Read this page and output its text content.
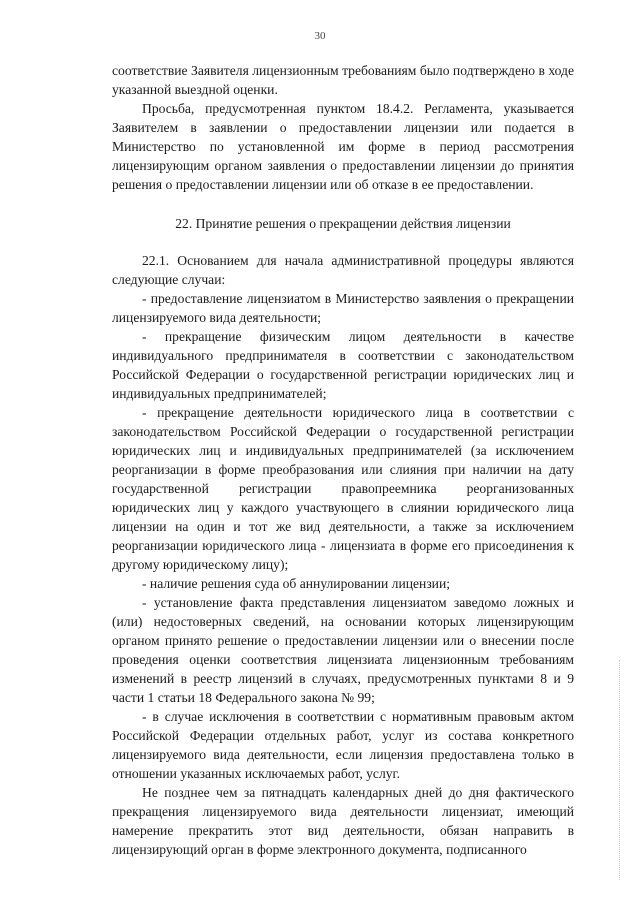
30

соответствие Заявителя лицензионным требованиям было подтверждено в ходе указанной выездной оценки.

Просьба, предусмотренная пунктом 18.4.2. Регламента, указывается Заявителем в заявлении о предоставлении лицензии или подается в Министерство по установленной им форме в период рассмотрения лицензирующим органом заявления о предоставлении лицензии до принятия решения о предоставлении лицензии или об отказе в ее предоставлении.

22. Принятие решения о прекращении действия лицензии

22.1. Основанием для начала административной процедуры являются следующие случаи:

- предоставление лицензиатом в Министерство заявления о прекращении лицензируемого вида деятельности;

- прекращение физическим лицом деятельности в качестве индивидуального предпринимателя в соответствии с законодательством Российской Федерации о государственной регистрации юридических лиц и индивидуальных предпринимателей;

- прекращение деятельности юридического лица в соответствии с законодательством Российской Федерации о государственной регистрации юридических лиц и индивидуальных предпринимателей (за исключением реорганизации в форме преобразования или слияния при наличии на дату государственной регистрации правопреемника реорганизованных юридических лиц у каждого участвующего в слиянии юридического лица лицензии на один и тот же вид деятельности, а также за исключением реорганизации юридического лица - лицензиата в форме его присоединения к другому юридическому лицу);

- наличие решения суда об аннулировании лицензии;

- установление факта представления лицензиатом заведомо ложных и (или) недостоверных сведений, на основании которых лицензирующим органом принято решение о предоставлении лицензии или о внесении после проведения оценки соответствия лицензиата лицензионным требованиям изменений в реестр лицензий в случаях, предусмотренных пунктами 8 и 9 части 1 статьи 18 Федерального закона № 99;

- в случае исключения в соответствии с нормативным правовым актом Российской Федерации отдельных работ, услуг из состава конкретного лицензируемого вида деятельности, если лицензия предоставлена только в отношении указанных исключаемых работ, услуг.

Не позднее чем за пятнадцать календарных дней до дня фактического прекращения лицензируемого вида деятельности лицензиат, имеющий намерение прекратить этот вид деятельности, обязан направить в лицензирующий орган в форме электронного документа, подписанного
